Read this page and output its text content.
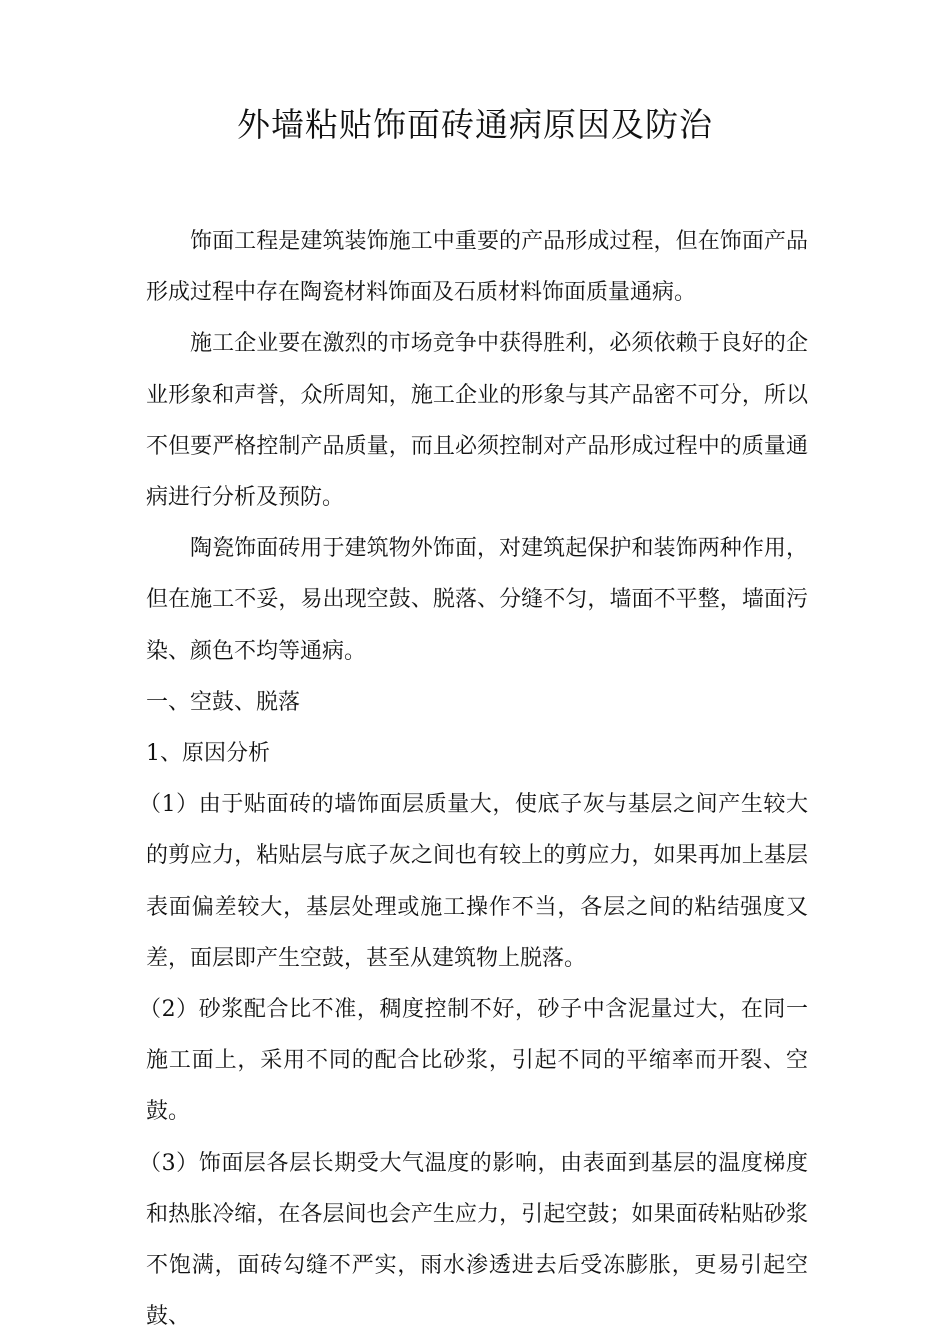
外墙粘贴饰面砖通病原因及防治

饰面工程是建筑装饰施工中重要的产品形成过程，但在饰面产品形成过程中存在陶瓷材料饰面及石质材料饰面质量通病。

施工企业要在激烈的市场竞争中获得胜利，必须依赖于良好的企业形象和声誉，众所周知，施工企业的形象与其产品密不可分，所以不但要严格控制产品质量，而且必须控制对产品形成过程中的质量通病进行分析及预防。

陶瓷饰面砖用于建筑物外饰面，对建筑起保护和装饰两种作用，但在施工不妥，易出现空鼓、脱落、分缝不匀，墙面不平整，墙面污染、颜色不均等通病。

一、空鼓、脱落

1、原因分析

（1）由于贴面砖的墙饰面层质量大，使底子灰与基层之间产生较大的剪应力，粘贴层与底子灰之间也有较上的剪应力，如果再加上基层表面偏差较大，基层处理或施工操作不当，各层之间的粘结强度又差，面层即产生空鼓，甚至从建筑物上脱落。

（2）砂浆配合比不准，稠度控制不好，砂子中含泥量过大，在同一施工面上，采用不同的配合比砂浆，引起不同的平缩率而开裂、空鼓。

（3）饰面层各层长期受大气温度的影响，由表面到基层的温度梯度和热胀冷缩，在各层间也会产生应力，引起空鼓；如果面砖粘贴砂浆不饱满，面砖勾缝不严实，雨水渗透进去后受冻膨胀，更易引起空鼓、
